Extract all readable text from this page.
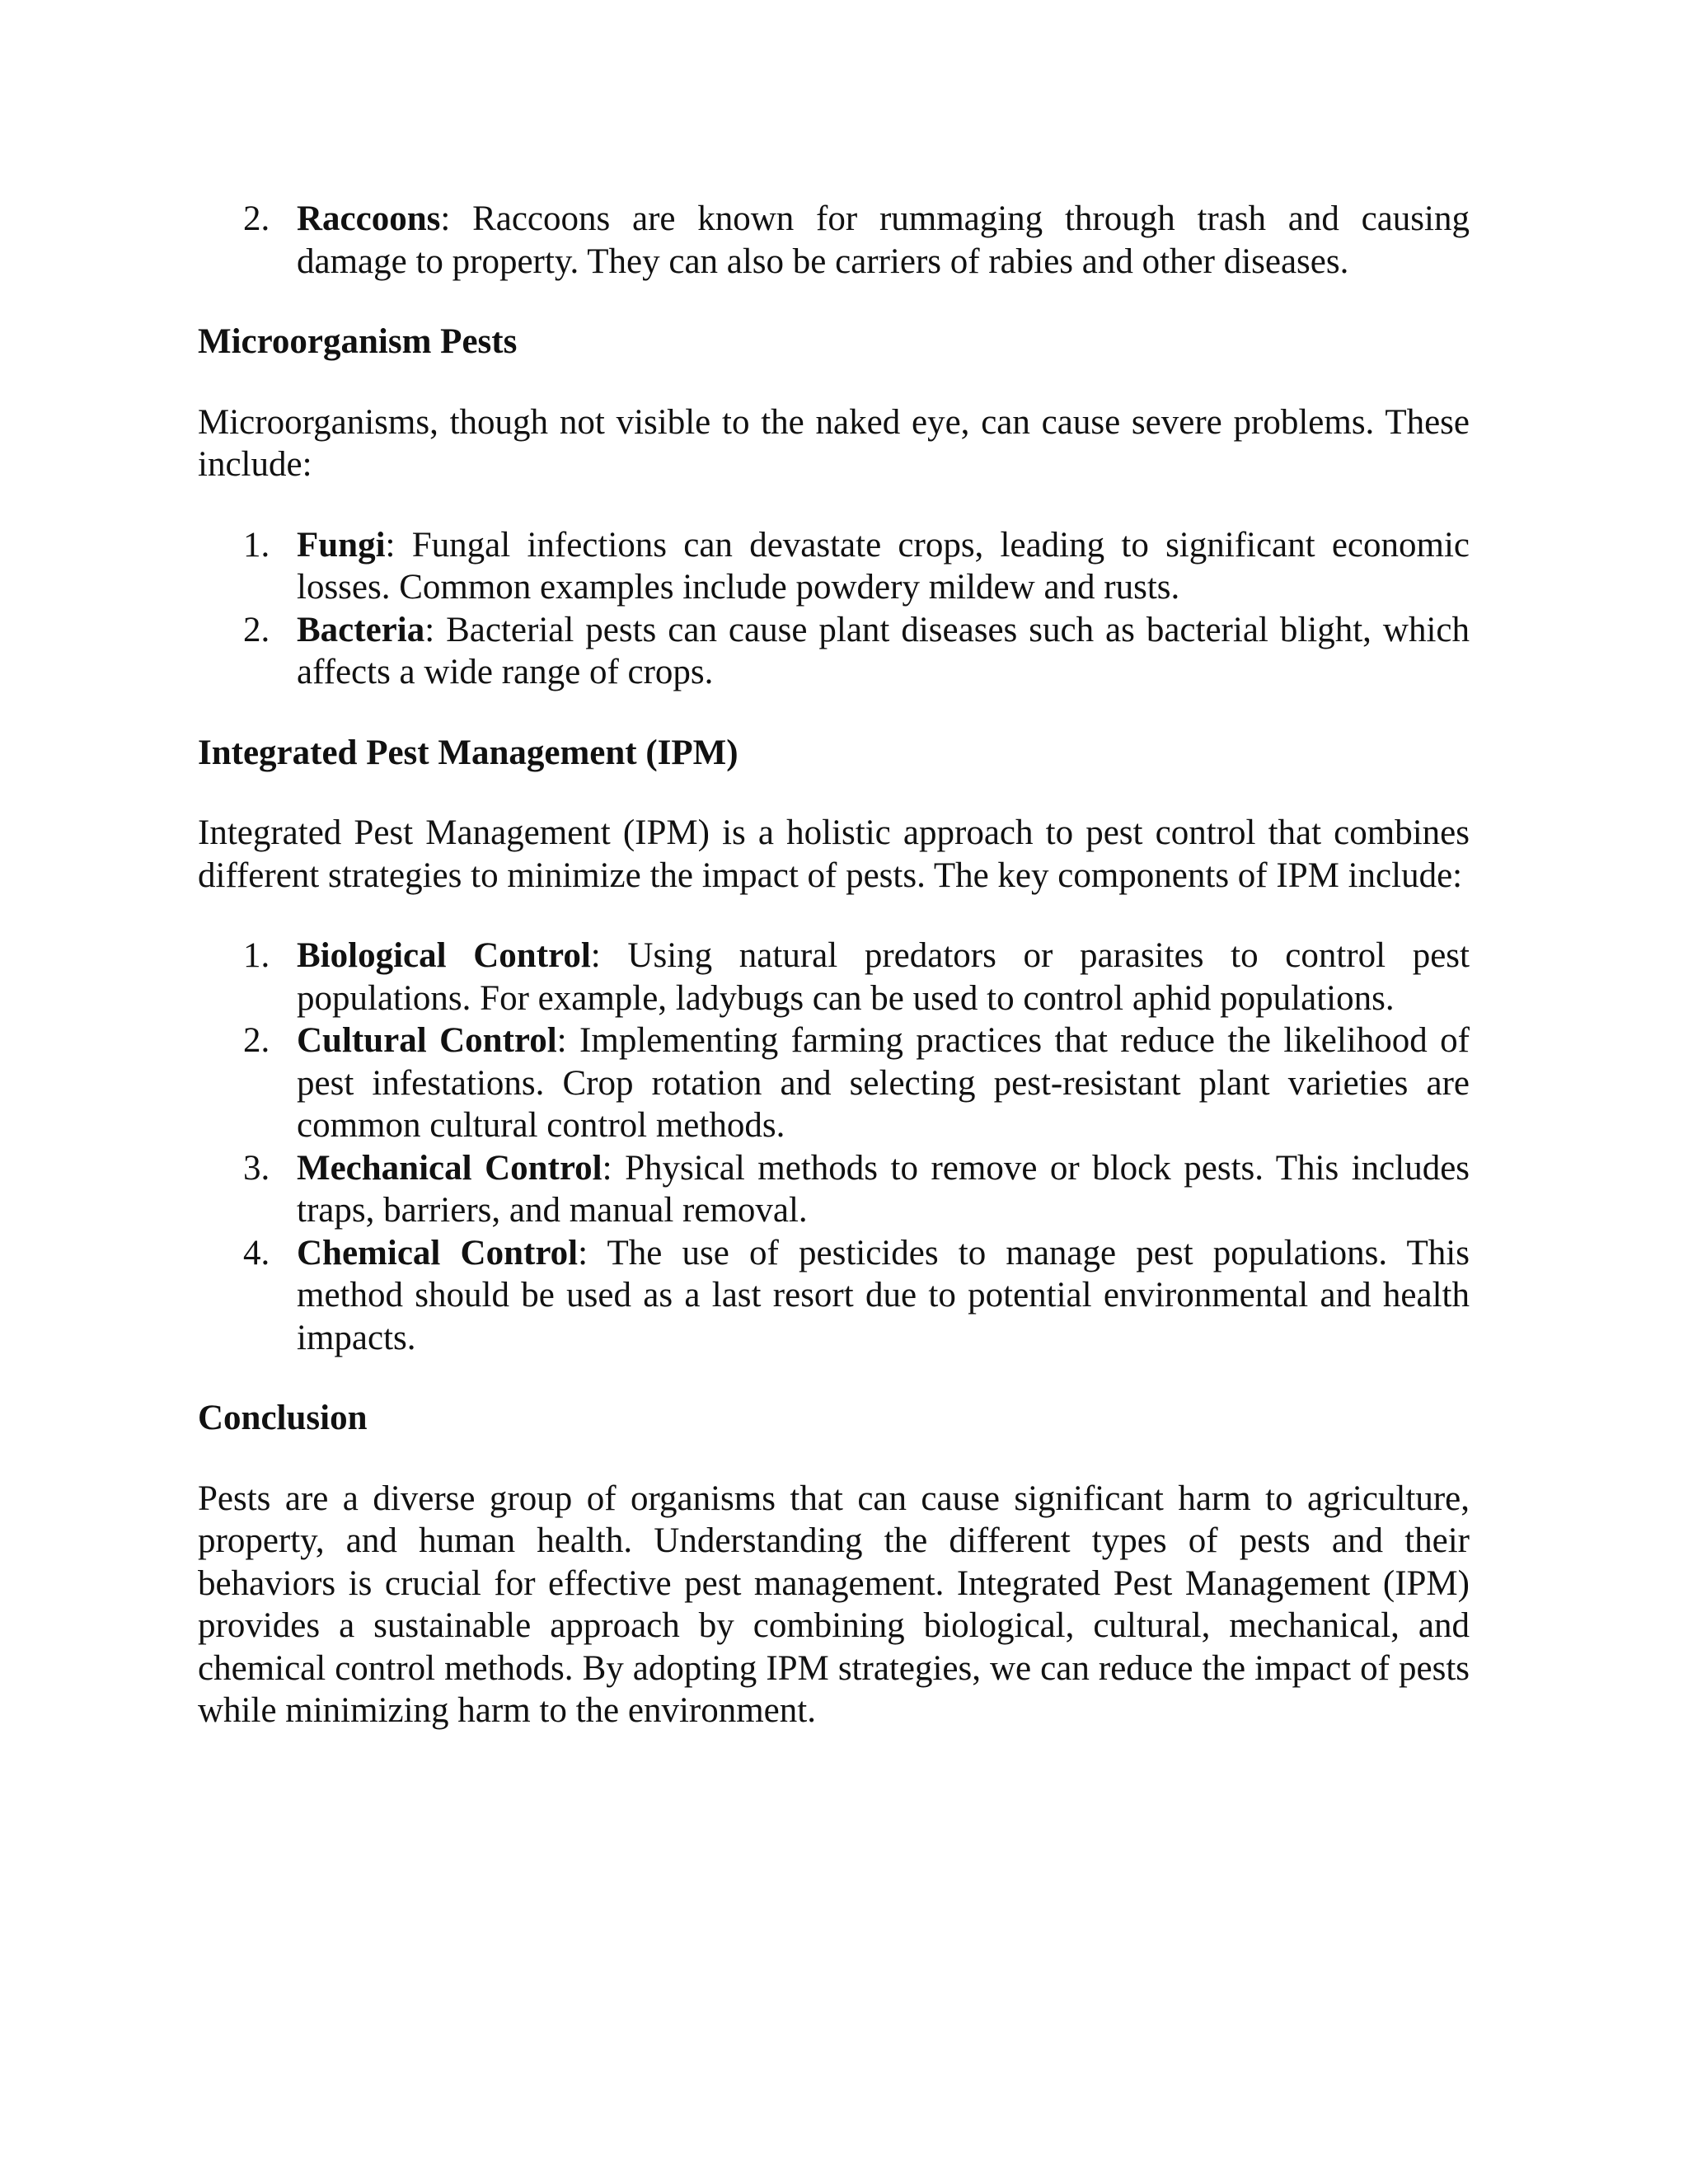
2. Raccoons: Raccoons are known for rummaging through trash and causing damage to property. They can also be carriers of rabies and other diseases.
Microorganism Pests

Microorganisms, though not visible to the naked eye, can cause severe problems. These include:

1. Fungi: Fungal infections can devastate crops, leading to significant economic losses. Common examples include powdery mildew and rusts.
2. Bacteria: Bacterial pests can cause plant diseases such as bacterial blight, which affects a wide range of crops.
Integrated Pest Management (IPM)

Integrated Pest Management (IPM) is a holistic approach to pest control that combines different strategies to minimize the impact of pests. The key components of IPM include:

1. Biological Control: Using natural predators or parasites to control pest populations. For example, ladybugs can be used to control aphid populations.
2. Cultural Control: Implementing farming practices that reduce the likelihood of pest infestations. Crop rotation and selecting pest-resistant plant varieties are common cultural control methods.
3. Mechanical Control: Physical methods to remove or block pests. This includes traps, barriers, and manual removal.
4. Chemical Control: The use of pesticides to manage pest populations. This method should be used as a last resort due to potential environmental and health impacts.
Conclusion

Pests are a diverse group of organisms that can cause significant harm to agriculture, property, and human health. Understanding the different types of pests and their behaviors is crucial for effective pest management. Integrated Pest Management (IPM) provides a sustainable approach by combining biological, cultural, mechanical, and chemical control methods. By adopting IPM strategies, we can reduce the impact of pests while minimizing harm to the environment.
